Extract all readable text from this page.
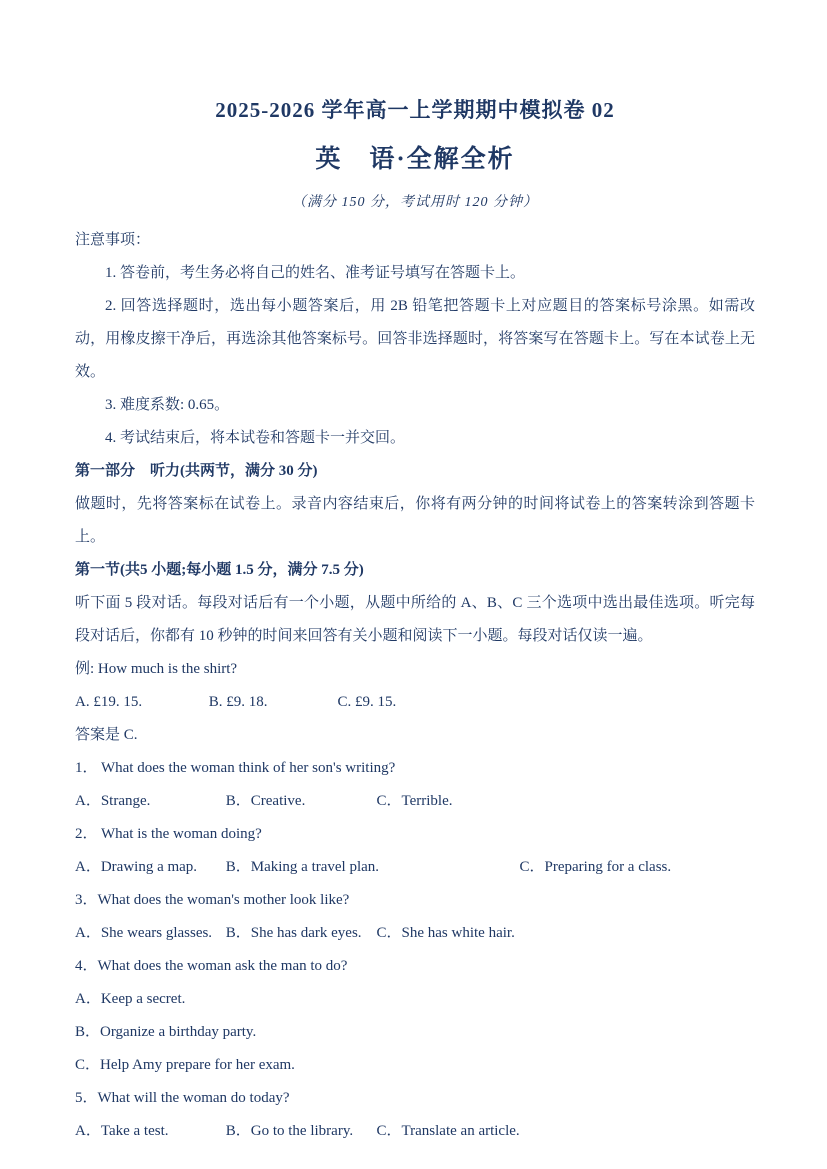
2025-2026 学年高一上学期期中模拟卷 02
英　语·全解全析

（满分 150 分，考试用时 120 分钟）

注意事项：

1. 答卷前，考生务必将自己的姓名、准考证号填写在答题卡上。

2. 回答选择题时，选出每小题答案后，用 2B 铅笔把答题卡上对应题目的答案标号涂黑。如需改动，用橡皮擦干净后，再选涂其他答案标号。回答非选择题时，将答案写在答题卡上。写在本试卷上无效。

3. 难度系数: 0.65。

4. 考试结束后，将本试卷和答题卡一并交回。

第一部分　听力(共两节，满分 30 分)

做题时，先将答案标在试卷上。录音内容结束后，你将有两分钟的时间将试卷上的答案转涂到答题卡上。

第一节(共5 小题;每小题 1.5 分，满分 7.5 分)

听下面 5 段对话。每段对话后有一个小题，从题中所给的 A、B、C 三个选项中选出最佳选项。听完每段对话后，你都有 10 秒钟的时间来回答有关小题和阅读下一小题。每段对话仅读一遍。

例: How much is the shirt?

A. £19. 15.	B. £9. 18.	C. £9. 15.

答案是 C.

1． What does the woman think of her son's writing?

A．Strange.	B．Creative.	C．Terrible.

2． What is the woman doing?

A．Drawing a map. B．Making a travel plan.	C．Preparing for a class.

3．What does the woman's mother look like?

A．She wears glasses. B．She has dark eyes. C．She has white hair.

4．What does the woman ask the man to do?

A．Keep a secret.

B．Organize a birthday party.

C．Help Amy prepare for her exam.

5．What will the woman do today?

A．Take a test.	B．Go to the library. C．Translate an article.
